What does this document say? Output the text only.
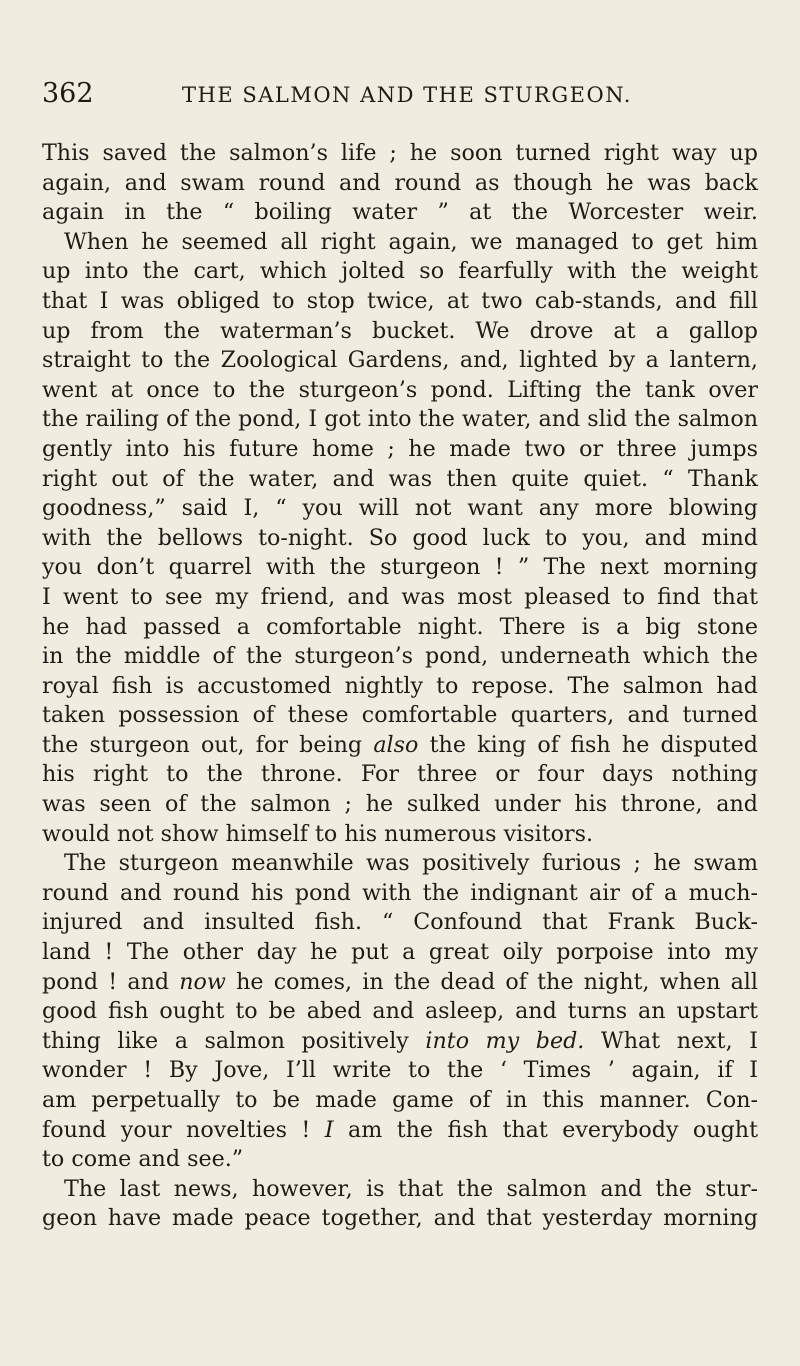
362	THE SALMON AND THE STURGEON.
This saved the salmon’s life ; he soon turned right way up
again, and swam round and round as though he was back
again in the “ boiling water ” at the Worcester weir.
When he seemed all right again, we managed to get him
up into the cart, which jolted so fearfully with the weight
that I was obliged to stop twice, at two cab-stands, and fill
up from the waterman’s bucket. We drove at a gallop
straight to the Zoological Gardens, and, lighted by a lantern,
went at once to the sturgeon’s pond. Lifting the tank over
the railing of the pond, I got into the water, and slid the salmon
gently into his future home ; he made two or three jumps
right out of the water, and was then quite quiet. “ Thank
goodness,” said I, “ you will not want any more blowing
with the bellows to-night. So good luck to you, and mind
you don’t quarrel with the sturgeon ! ” The next morning
I went to see my friend, and was most pleased to find that
he had passed a comfortable night. There is a big stone
in the middle of the sturgeon’s pond, underneath which the
royal fish is accustomed nightly to repose. The salmon had
taken possession of these comfortable quarters, and turned
the sturgeon out, for being also the king of fish he disputed
his right to the throne. For three or four days nothing
was seen of the salmon ; he sulked under his throne, and
would not show himself to his numerous visitors.
The sturgeon meanwhile was positively furious ; he swam
round and round his pond with the indignant air of a much-
injured and insulted fish. “ Confound that Frank Buck-
land ! The other day he put a great oily porpoise into my
pond ! and now he comes, in the dead of the night, when all
good fish ought to be abed and asleep, and turns an upstart
thing like a salmon positively into my bed. What next, I
wonder ! By Jove, I’ll write to the ‘ Times ’ again, if I
am perpetually to be made game of in this manner. Con-
found your novelties ! I am the fish that everybody ought
to come and see.”
The last news, however, is that the salmon and the stur-
geon have made peace together, and that yesterday morning
